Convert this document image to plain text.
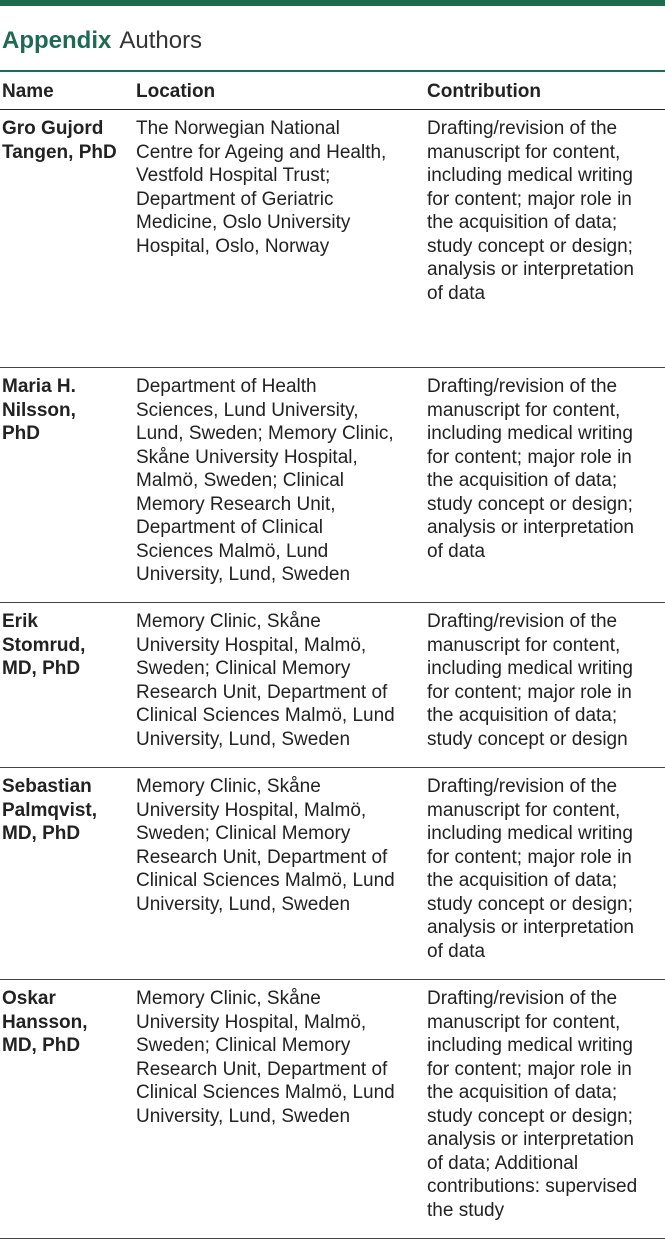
Appendix Authors
Name	Location	Contribution
Gro Gujord
Tangen, PhD
The Norwegian National
Centre for Ageing and Health,
Vestfold Hospital Trust;
Department of Geriatric
Medicine, Oslo University
Hospital, Oslo, Norway
Drafting/revision of the
manuscript for content,
including medical writing
for content; major role in
the acquisition of data;
study concept or design;
analysis or interpretation
of data
Maria H.
Nilsson,
PhD
Department of Health
Sciences, Lund University,
Lund, Sweden; Memory Clinic,
Skåne University Hospital,
Malmö, Sweden; Clinical
Memory Research Unit,
Department of Clinical
Sciences Malmö, Lund
University, Lund, Sweden
Drafting/revision of the
manuscript for content,
including medical writing
for content; major role in
the acquisition of data;
study concept or design;
analysis or interpretation
of data
Erik
Stomrud,
MD, PhD
Memory Clinic, Skåne
University Hospital, Malmö,
Sweden; Clinical Memory
Research Unit, Department of
Clinical Sciences Malmö, Lund
University, Lund, Sweden
Drafting/revision of the
manuscript for content,
including medical writing
for content; major role in
the acquisition of data;
study concept or design
Sebastian
Palmqvist,
MD, PhD
Memory Clinic, Skåne
University Hospital, Malmö,
Sweden; Clinical Memory
Research Unit, Department of
Clinical Sciences Malmö, Lund
University, Lund, Sweden
Drafting/revision of the
manuscript for content,
including medical writing
for content; major role in
the acquisition of data;
study concept or design;
analysis or interpretation
of data
Oskar
Hansson,
MD, PhD
Memory Clinic, Skåne
University Hospital, Malmö,
Sweden; Clinical Memory
Research Unit, Department of
Clinical Sciences Malmö, Lund
University, Lund, Sweden
Drafting/revision of the
manuscript for content,
including medical writing
for content; major role in
the acquisition of data;
study concept or design;
analysis or interpretation
of data; Additional
contributions: supervised
the study
